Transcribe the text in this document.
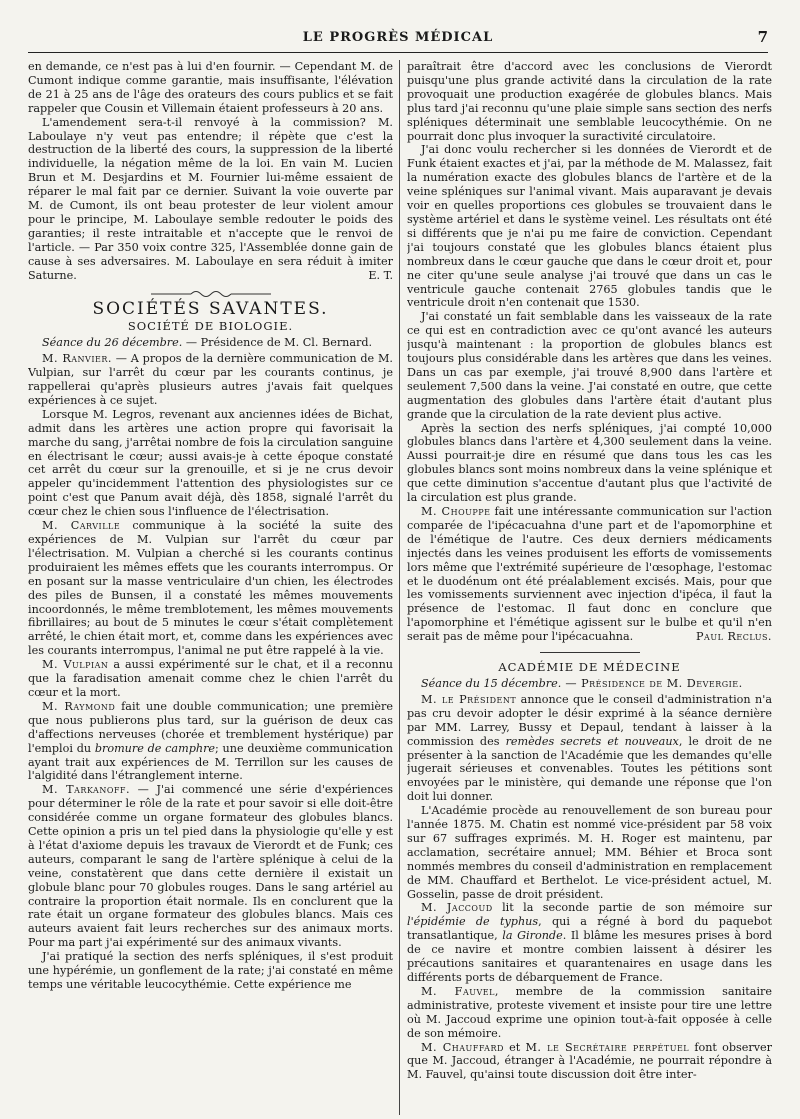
LE PROGRÈS MÉDICAL	7

en demande, ce n'est pas à lui d'en fournir. — Cependant M. de Cumont indique comme garantie, mais insuffisante, l'élévation de 21 à 25 ans de l'âge des orateurs des cours publics et se fait rappeler que Cousin et Villemain étaient professeurs à 20 ans.

L'amendement sera-t-il renvoyé à la commission? M. Laboulaye n'y veut pas entendre; il répète que c'est la destruction de la liberté des cours, la suppression de la liberté individuelle, la négation même de la loi. En vain M. Lucien Brun et M. Desjardins et M. Fournier lui-même essaient de réparer le mal fait par ce dernier. Suivant la voie ouverte par M. de Cumont, ils ont beau protester de leur violent amour pour le principe, M. Laboulaye semble redouter le poids des garanties; il reste intraitable et n'accepte que le renvoi de l'article. — Par 350 voix contre 325, l'Assemblée donne gain de cause à ses adversaires. M. Laboulaye en sera réduit à imiter Saturne.	E. T.

SOCIÉTÉS SAVANTES.
SOCIÉTÉ DE BIOLOGIE.

Séance du 26 décembre. — Présidence de M. Cl. Bernard.

M. Ranvier. — A propos de la dernière communication de M. Vulpian, sur l'arrêt du cœur par les courants continus, je rappellerai qu'après plusieurs autres j'avais fait quelques expériences à ce sujet.

Lorsque M. Legros, revenant aux anciennes idées de Bichat, admit dans les artères une action propre qui favorisait la marche du sang, j'arrêtai nombre de fois la circulation sanguine en électrisant le cœur; aussi avais-je à cette époque constaté cet arrêt du cœur sur la grenouille, et si je ne crus devoir appeler qu'incidemment l'attention des physiologistes sur ce point c'est que Panum avait déjà, dès 1858, signalé l'arrêt du cœur chez le chien sous l'influence de l'électrisation.

M. Carville communique à la société la suite des expériences de M. Vulpian sur l'arrêt du cœur par l'électrisation. M. Vulpian a cherché si les courants continus produiraient les mêmes effets que les courants interrompus. Or en posant sur la masse ventriculaire d'un chien, les électrodes des piles de Bunsen, il a constaté les mêmes mouvements incoordonnés, le même tremblotement, les mêmes mouvements fibrillaires; au bout de 5 minutes le cœur s'était complètement arrêté, le chien était mort, et, comme dans les expériences avec les courants interrompus, l'animal ne put être rappelé à la vie.

M. Vulpian a aussi expérimenté sur le chat, et il a reconnu que la faradisation amenait comme chez le chien l'arrêt du cœur et la mort.

M. Raymond fait une double communication; une première que nous publierons plus tard, sur la guérison de deux cas d'affections nerveuses (chorée et tremblement hystérique) par l'emploi du bromure de camphre; une deuxième communication ayant trait aux expériences de M. Terrillon sur les causes de l'algidité dans l'étranglement interne.

M. Tarkanoff. — J'ai commencé une série d'expériences pour déterminer le rôle de la rate et pour savoir si elle doit-être considérée comme un organe formateur des globules blancs. Cette opinion a pris un tel pied dans la physiologie qu'elle y est à l'état d'axiome depuis les travaux de Vierordt et de Funk; ces auteurs, comparant le sang de l'artère splénique à celui de la veine, constatèrent que dans cette dernière il existait un globule blanc pour 70 globules rouges. Dans le sang artériel au contraire la proportion était normale. Ils en conclurent que la rate était un organe formateur des globules blancs. Mais ces auteurs avaient fait leurs recherches sur des animaux morts. Pour ma part j'ai expérimenté sur des animaux vivants.

J'ai pratiqué la section des nerfs spléniques, il s'est produit une hypérémie, un gonflement de la rate; j'ai constaté en même temps une véritable leucocythémie. Cette expérience me

paraîtrait être d'accord avec les conclusions de Vierordt puisqu'une plus grande activité dans la circulation de la rate provoquait une production exagérée de globules blancs. Mais plus tard j'ai reconnu qu'une plaie simple sans section des nerfs spléniques déterminait une semblable leucocythémie. On ne pourrait donc plus invoquer la suractivité circulatoire.

J'ai donc voulu rechercher si les données de Vierordt et de Funk étaient exactes et j'ai, par la méthode de M. Malassez, fait la numération exacte des globules blancs de l'artère et de la veine spléniques sur l'animal vivant. Mais auparavant je devais voir en quelles proportions ces globules se trouvaient dans le système artériel et dans le système veinel. Les résultats ont été si différents que je n'ai pu me faire de conviction. Cependant j'ai toujours constaté que les globules blancs étaient plus nombreux dans le cœur gauche que dans le cœur droit et, pour ne citer qu'une seule analyse j'ai trouvé que dans un cas le ventricule gauche contenait 2765 globules tandis que le ventricule droit n'en contenait que 1530.

J'ai constaté un fait semblable dans les vaisseaux de la rate ce qui est en contradiction avec ce qu'ont avancé les auteurs jusqu'à maintenant : la proportion de globules blancs est toujours plus considérable dans les artères que dans les veines. Dans un cas par exemple, j'ai trouvé 8,900 dans l'artère et seulement 7,500 dans la veine. J'ai constaté en outre, que cette augmentation des globules dans l'artère était d'autant plus grande que la circulation de la rate devient plus active.

Après la section des nerfs spléniques, j'ai compté 10,000 globules blancs dans l'artère et 4,300 seulement dans la veine. Aussi pourrait-je dire en résumé que dans tous les cas les globules blancs sont moins nombreux dans la veine splénique et que cette diminution s'accentue d'autant plus que l'activité de la circulation est plus grande.

M. Chouppe fait une intéressante communication sur l'action comparée de l'ipécacuahna d'une part et de l'apomorphine et de l'émétique de l'autre. Ces deux derniers médicaments injectés dans les veines produisent les efforts de vomissements lors même que l'extrémité supérieure de l'œsophage, l'estomac et le duodénum ont été préalablement excisés. Mais, pour que les vomissements surviennent avec injection d'ipéca, il faut la présence de l'estomac. Il faut donc en conclure que l'apomorphine et l'émétique agissent sur le bulbe et qu'il n'en serait pas de même pour l'ipécacuahna.	Paul Reclus.

ACADÉMIE DE MÉDECINE

Séance du 15 décembre. — Présidence de M. Devergie.

M. le Président annonce que le conseil d'administration n'a pas cru devoir adopter le désir exprimé à la séance dernière par MM. Larrey, Bussy et Depaul, tendant à laisser à la commission des remèdes secrets et nouveaux, le droit de ne présenter à la sanction de l'Académie que les demandes qu'elle jugerait sérieuses et convenables. Toutes les pétitions sont envoyées par le ministère, qui demande une réponse que l'on doit lui donner.

L'Académie procède au renouvellement de son bureau pour l'année 1875. M. Chatin est nommé vice-président par 58 voix sur 67 suffrages exprimés. M. H. Roger est maintenu, par acclamation, secrétaire annuel; MM. Béhier et Broca sont nommés membres du conseil d'administration en remplacement de MM. Chauffard et Berthelot. Le vice-président actuel, M. Gosselin, passe de droit président.

M. Jaccoud lit la seconde partie de son mémoire sur l'épidémie de typhus, qui a régné à bord du paquebot transatlantique, la Gironde. Il blâme les mesures prises à bord de ce navire et montre combien laissent à désirer les précautions sanitaires et quarantenaires en usage dans les différents ports de débarquement de France.

M. Fauvel, membre de la commission sanitaire administrative, proteste vivement et insiste pour tire une lettre où M. Jaccoud exprime une opinion tout-à-fait opposée à celle de son mémoire.

M. Chauffard et M. le Secrétaire perpétuel font observer que M. Jaccoud, étranger à l'Académie, ne pourrait répondre à M. Fauvel, qu'ainsi toute discussion doit être inter-
